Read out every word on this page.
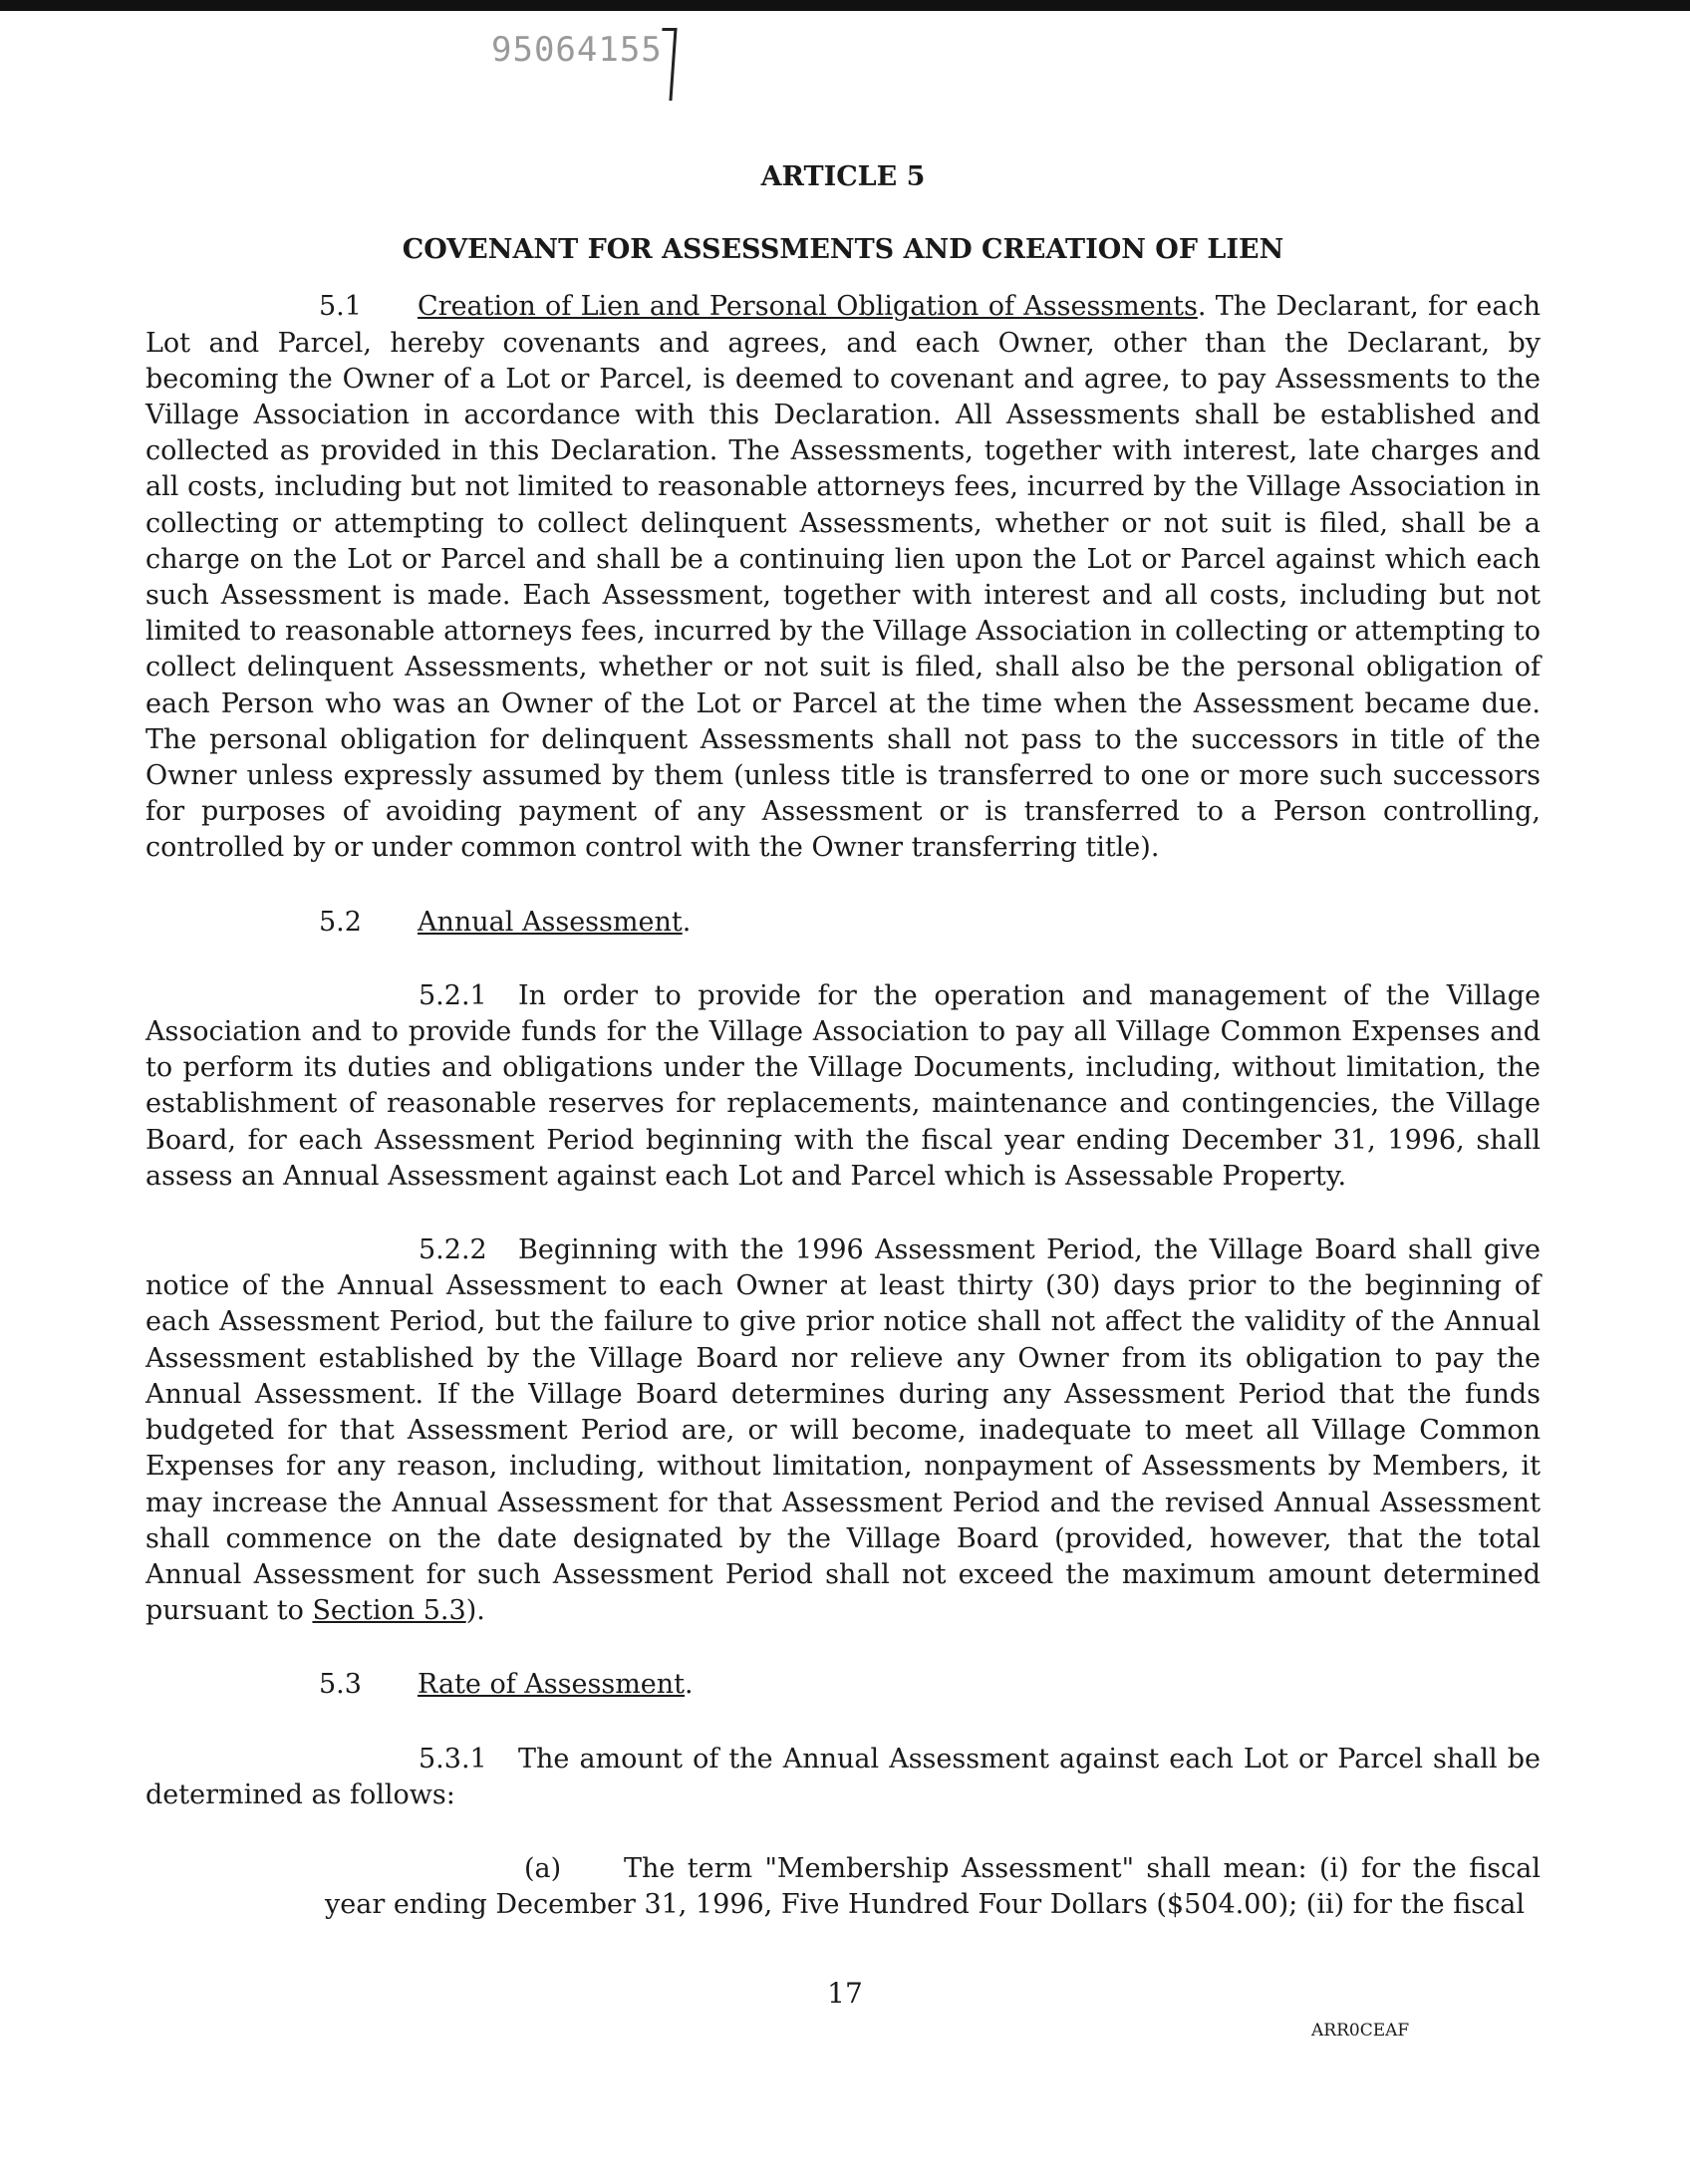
95064155
ARTICLE 5
COVENANT FOR ASSESSMENTS AND CREATION OF LIEN

5.1 Creation of Lien and Personal Obligation of Assessments. The Declarant, for each Lot and Parcel, hereby covenants and agrees, and each Owner, other than the Declarant, by becoming the Owner of a Lot or Parcel, is deemed to covenant and agree, to pay Assessments to the Village Association in accordance with this Declaration. All Assessments shall be established and collected as provided in this Declaration. The Assessments, together with interest, late charges and all costs, including but not limited to reasonable attorneys fees, incurred by the Village Association in collecting or attempting to collect delinquent Assessments, whether or not suit is filed, shall be a charge on the Lot or Parcel and shall be a continuing lien upon the Lot or Parcel against which each such Assessment is made. Each Assessment, together with interest and all costs, including but not limited to reasonable attorneys fees, incurred by the Village Association in collecting or attempting to collect delinquent Assessments, whether or not suit is filed, shall also be the personal obligation of each Person who was an Owner of the Lot or Parcel at the time when the Assessment became due. The personal obligation for delinquent Assessments shall not pass to the successors in title of the Owner unless expressly assumed by them (unless title is transferred to one or more such successors for purposes of avoiding payment of any Assessment or is transferred to a Person controlling, controlled by or under common control with the Owner transferring title).

5.2 Annual Assessment.

5.2.1 In order to provide for the operation and management of the Village Association and to provide funds for the Village Association to pay all Village Common Expenses and to perform its duties and obligations under the Village Documents, including, without limitation, the establishment of reasonable reserves for replacements, maintenance and contingencies, the Village Board, for each Assessment Period beginning with the fiscal year ending December 31, 1996, shall assess an Annual Assessment against each Lot and Parcel which is Assessable Property.

5.2.2 Beginning with the 1996 Assessment Period, the Village Board shall give notice of the Annual Assessment to each Owner at least thirty (30) days prior to the beginning of each Assessment Period, but the failure to give prior notice shall not affect the validity of the Annual Assessment established by the Village Board nor relieve any Owner from its obligation to pay the Annual Assessment. If the Village Board determines during any Assessment Period that the funds budgeted for that Assessment Period are, or will become, inadequate to meet all Village Common Expenses for any reason, including, without limitation, nonpayment of Assessments by Members, it may increase the Annual Assessment for that Assessment Period and the revised Annual Assessment shall commence on the date designated by the Village Board (provided, however, that the total Annual Assessment for such Assessment Period shall not exceed the maximum amount determined pursuant to Section 5.3).

5.3 Rate of Assessment.

5.3.1 The amount of the Annual Assessment against each Lot or Parcel shall be determined as follows:

(a) The term "Membership Assessment" shall mean: (i) for the fiscal year ending December 31, 1996, Five Hundred Four Dollars ($504.00); (ii) for the fiscal

17
ARR0CEAF
